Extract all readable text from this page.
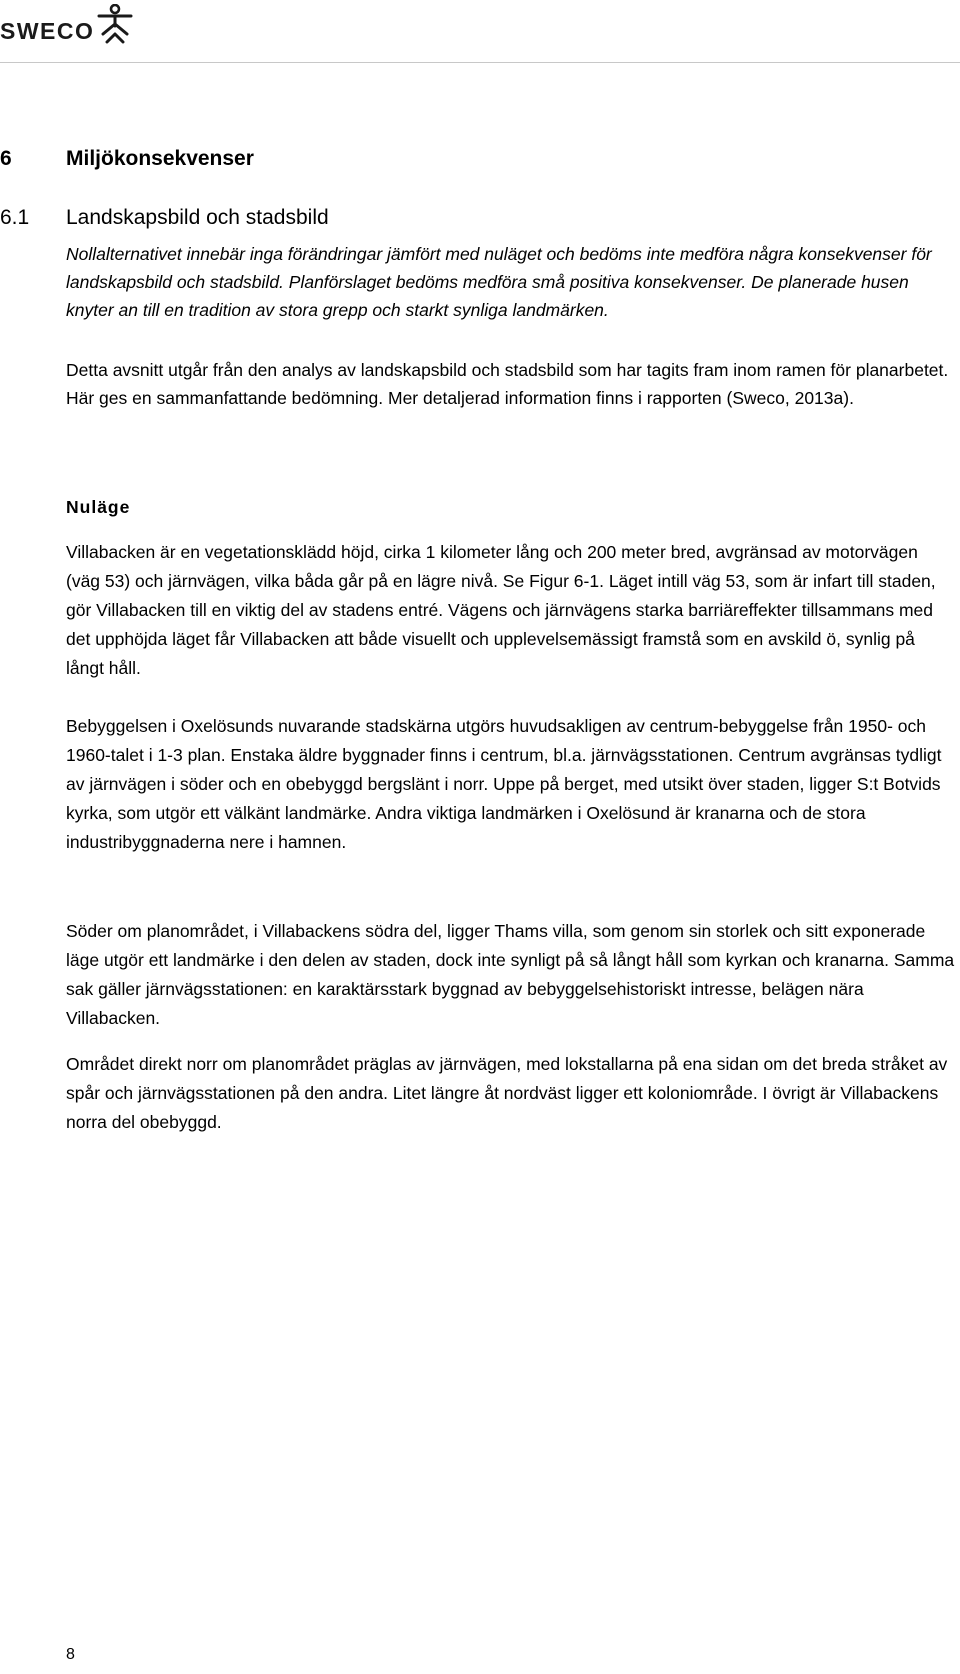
SWECO
6	Miljökonsekvenser
6.1 Landskapsbild och stadsbild

Nollalternativet innebär inga förändringar jämfört med nuläget och bedöms inte medföra några konsekvenser för landskapsbild och stadsbild. Planförslaget bedöms medföra små positiva konsekvenser. De planerade husen knyter an till en tradition av stora grepp och starkt synliga landmärken.

Detta avsnitt utgår från den analys av landskapsbild och stadsbild som har tagits fram inom ramen för planarbetet. Här ges en sammanfattande bedömning. Mer detaljerad information finns i rapporten (Sweco, 2013a).

Nuläge

Villabacken är en vegetationsklädd höjd, cirka 1 kilometer lång och 200 meter bred, avgränsad av motorvägen (väg 53) och järnvägen, vilka båda går på en lägre nivå. Se Figur 6-1. Läget intill väg 53, som är infart till staden, gör Villabacken till en viktig del av stadens entré. Vägens och järnvägens starka barriäreffekter tillsammans med det upphöjda läget får Villabacken att både visuellt och upplevelsemässigt framstå som en avskild ö, synlig på långt håll.

Bebyggelsen i Oxelösunds nuvarande stadskärna utgörs huvudsakligen av centrum-bebyggelse från 1950- och 1960-talet i 1-3 plan. Enstaka äldre byggnader finns i centrum, bl.a. järnvägsstationen. Centrum avgränsas tydligt av järnvägen i söder och en obebyggd bergslänt i norr. Uppe på berget, med utsikt över staden, ligger S:t Botvids kyrka, som utgör ett välkänt landmärke. Andra viktiga landmärken i Oxelösund är kranarna och de stora industribyggnaderna nere i hamnen.

Söder om planområdet, i Villabackens södra del, ligger Thams villa, som genom sin storlek och sitt exponerade läge utgör ett landmärke i den delen av staden, dock inte synligt på så långt håll som kyrkan och kranarna. Samma sak gäller järnvägsstationen: en karaktärsstark byggnad av bebyggelsehistoriskt intresse, belägen nära Villabacken.

Området direkt norr om planområdet präglas av järnvägen, med lokstallarna på ena sidan om det breda stråket av spår och järnvägsstationen på den andra. Litet längre åt nordväst ligger ett koloniområde. I övrigt är Villabackens norra del obebyggd.

8
